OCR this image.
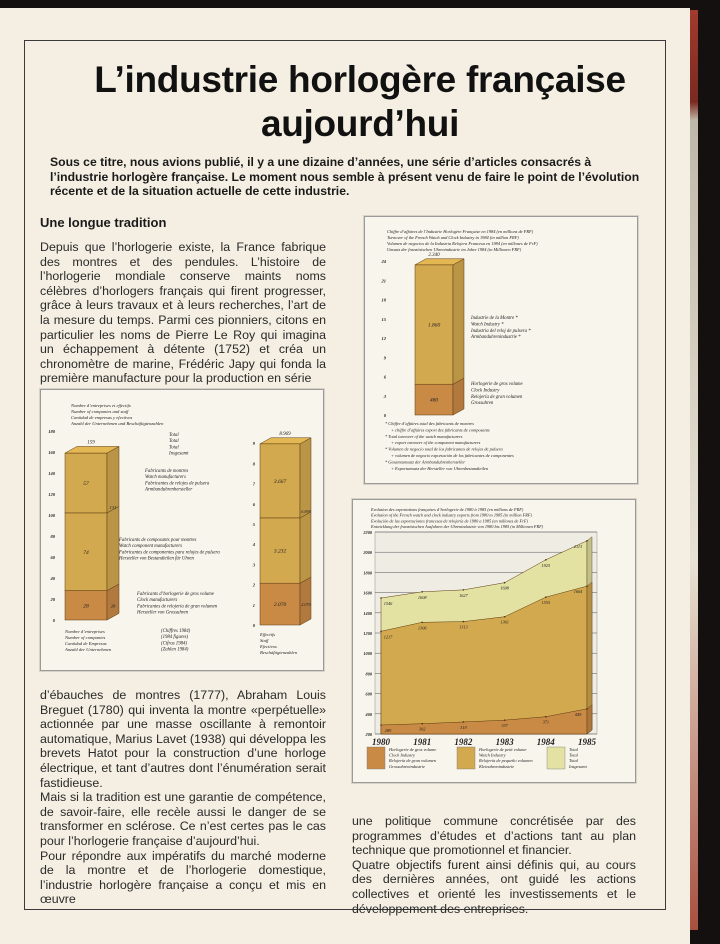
L’industrie horlogère française
aujourd’hui
Sous ce titre, nous avions publié, il y a une dizaine d’années, une série d’articles consacrés à l’industrie horlogère française. Le moment nous semble à présent venu de faire le point de l’évolution récente et de la situation actuelle de cette industrie.
Une longue tradition

Depuis que l’horlogerie existe, la France fabrique des montres et des pendules. L’histoire de l’horlogerie mondiale conserve maints noms célèbres d’horlogers français qui firent progresser, grâce à leurs travaux et à leurs recherches, l’art de la mesure du temps. Parmi ces pionniers, citons en particulier les noms de Pierre Le Roy qui imagina un échappement à détente (1752) et créa un chronomètre de marine, Frédéric Japy qui fonda la première manufacture pour la production en série

d’ébauches de montres (1777), Abraham Louis Breguet (1780) qui inventa la montre «perpétuelle» actionnée par une masse oscillante à remontoir automatique, Marius Lavet (1938) qui développa les brevets Hatot pour la construction d’une horloge électrique, et tant d’autres dont l’énumération serait fastidieuse.

Mais si la tradition est une garantie de compétence, de savoir-faire, elle recèle aussi le danger de se transformer en sclérose. Ce n’est certes pas le cas pour l’horlogerie française d’aujourd’hui.

Pour répondre aux impératifs du marché moderne de la montre et de l’horlogerie domestique, l’industrie horlogère française a conçu et mis en œuvre

une politique commune concrétisée par des programmes d’études et d’actions tant au plan technique que promotionnel et financier.

Quatre objectifs furent ainsi définis qui, au cours des dernières années, ont guidé les actions collectives et orienté les investissements et le développement des entreprises.

Nombre d’entreprises et effectifs
Number of companies and staff
Cantidad de empresas y efectivos
Anzahl der Unternehmen und Beschäftigtenzahlen
0
20
40
60
80
100
120
140
160
180
28
74
57
159
131
28
Nombre d’entreprises
Number of companies
Cantidad de Empresas
Anzahl der Unternehmen
0
1
2
3
4
5
6
7
8
9
2.070
3.232
3.667
8.969
6.899
2.070
Effectifs
Staff
Efectivos
Beschäftigtenzahlen
Total
Total
Total
Insgesamt
Fabricants de montres
Watch manufacturers
Fabricantes de relojes de pulsera
Armbanduhrenhersteller
Fabricants de composants pour montres
Watch component manufacturers
Fabricantes de componentes para relojes de pulsera
Hersteller von Bestandteilen für Uhren
Fabricants d’horlogerie de gros volume
Clock manufacturers
Fabricantes de relojería de gran volumen
Hersteller von Grossuhren
(Chiffres 1984)
(1984 figures)
(Cifras 1984)
(Zahlen 1984)
Chiffre d’affaires de l’Industrie Horlogère Française en 1984 (en millions de FRF)
Turnover of the French Watch and Clock Industry in 1984 (in million FRF)
Volumen de negocios de la Industria Relojera Francesa en 1984 (en millones de FrF)
Umsatz der französischen Uhrenindustrie im Jahre 1984 (in Millionen FRF)
0
3
6
9
12
15
18
21
24
480
1.860
2.340
Industrie de la Montre *
Watch Industry *
Industria del reloj de pulsera *
Armbanduhrenindustrie *
Horlogerie de gros volume
Clock Industry
Relojería de gran volumen
Grossuhren
* Chiffre d’affaires total des fabricants de montres
+ chiffre d’affaires export des fabricants de composants
* Total turnover of the watch manufacturers
+ export turnover of the component manufacturers
* Volumen de negocio total de los fabricantes de relojes de pulsera
+ volumen de negocio exportación de los fabricantes de componentes
* Gesamtumsatz der Armbanduhrenhersteller
+ Exportumsatz der Hersteller von Uhrenbestandteilen
Evolution des exportations françaises d’horlogerie de 1980 à 1985 (en millions de FRF)
Evolution of the French watch and clock industry exports from 1980 to 1985 (in million FRF)
Evolución de las exportaciones francesas de relojería de 1980 a 1985 (en millones de FrF)
Entwicklung der französischen Ausfuhren der Uhrenindustrie von 1980 bis 1985 (in Millionen FRF)
200
400
600
800
1000
1200
1400
1600
1800
2000
2200
289	302	319	337
371
449
1217
1306	1313
1361
1555
1664
1546
1608	1627
1698
1925
2113
1980	1981	1982	1983	1984	1985
Horlogerie de gros volume
Clock Industry
Relojería de gran volumen
Grossuhrenindustrie
Horlogerie de petit volume
Watch Industry
Relojería de pequeño volumen
Kleinuhrenindustrie
Total
Total
Total
Insgesamt
